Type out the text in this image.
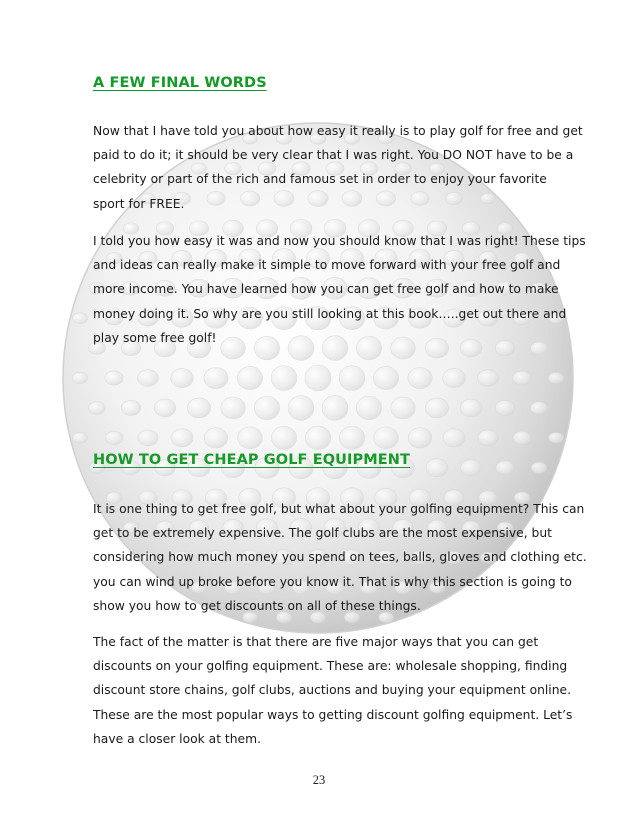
A FEW FINAL WORDS

Now that I have told you about how easy it really is to play golf for free and get
paid to do it; it should be very clear that I was right. You DO NOT have to be a
celebrity or part of the rich and famous set in order to enjoy your favorite
sport for FREE.

I told you how easy it was and now you should know that I was right! These tips
and ideas can really make it simple to move forward with your free golf and
more income. You have learned how you can get free golf and how to make
money doing it. So why are you still looking at this book…..get out there and
play some free golf!

HOW TO GET CHEAP GOLF EQUIPMENT

It is one thing to get free golf, but what about your golfing equipment? This can
get to be extremely expensive. The golf clubs are the most expensive, but
considering how much money you spend on tees, balls, gloves and clothing etc.
you can wind up broke before you know it. That is why this section is going to
show you how to get discounts on all of these things.

The fact of the matter is that there are five major ways that you can get
discounts on your golfing equipment. These are: wholesale shopping, finding
discount store chains, golf clubs, auctions and buying your equipment online.
These are the most popular ways to getting discount golfing equipment. Let’s
have a closer look at them.

23
